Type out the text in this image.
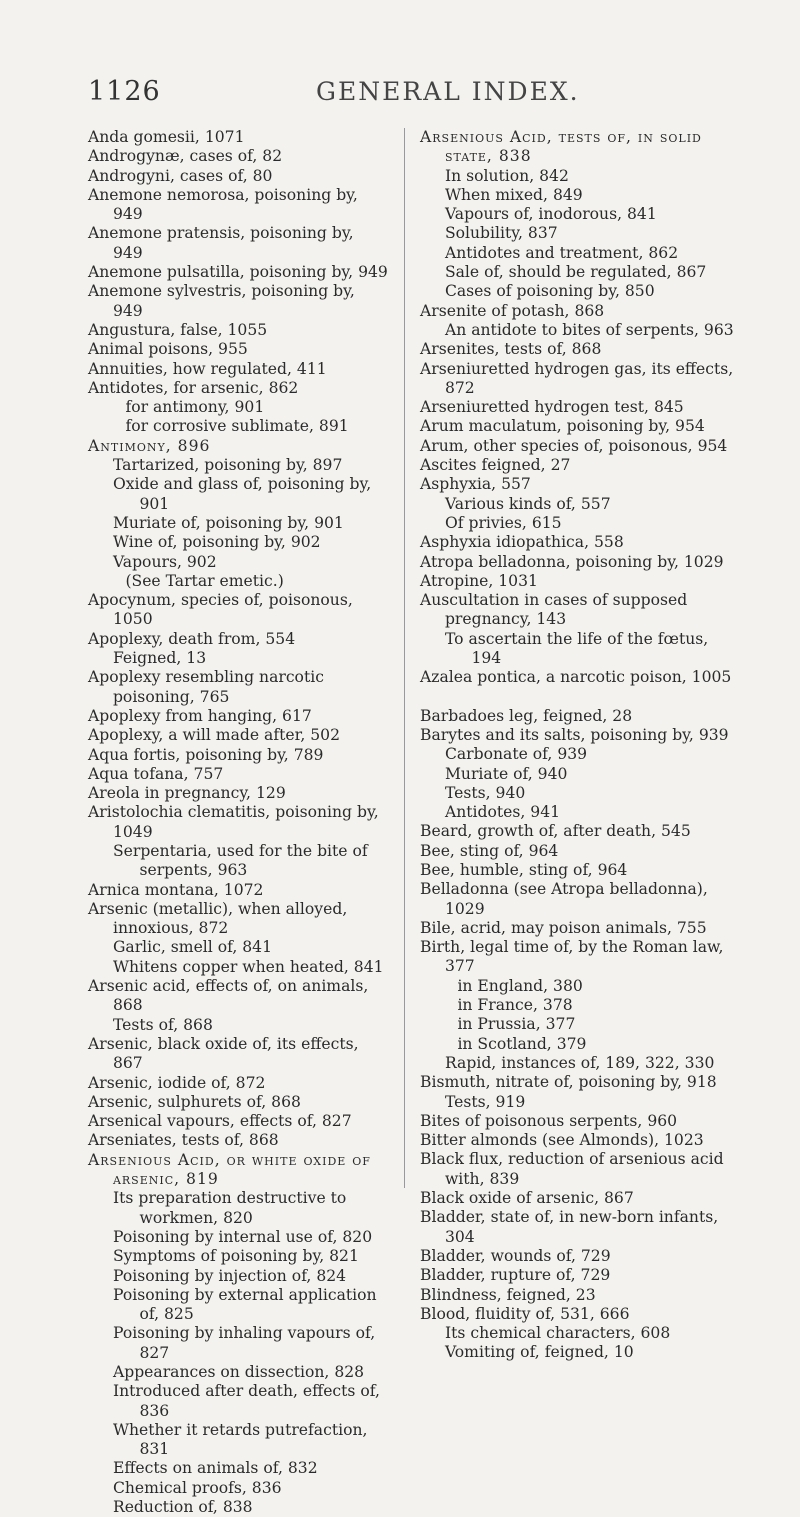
1126	GENERAL INDEX.
Anda gomesii, 1071
Androgynæ, cases of, 82
Androgyni, cases of, 80
Anemone nemorosa, poisoning by, 949
Anemone pratensis, poisoning by, 949
Anemone pulsatilla, poisoning by, 949
Anemone sylvestris, poisoning by, 949
Angustura, false, 1055
Animal poisons, 955
Annuities, how regulated, 411
Antidotes, for arsenic, 862
for antimony, 901
for corrosive sublimate, 891
Antimony, 896
Tartarized, poisoning by, 897
Oxide and glass of, poisoning by, 901
Muriate of, poisoning by, 901
Wine of, poisoning by, 902
Vapours, 902
(See Tartar emetic.)
Apocynum, species of, poisonous, 1050
Apoplexy, death from, 554
Feigned, 13
Apoplexy resembling narcotic poisoning, 765
Apoplexy from hanging, 617
Apoplexy, a will made after, 502
Aqua fortis, poisoning by, 789
Aqua tofana, 757
Areola in pregnancy, 129
Aristolochia clematitis, poisoning by, 1049
Serpentaria, used for the bite of serpents, 963
Arnica montana, 1072
Arsenic (metallic), when alloyed, innoxious, 872
Garlic, smell of, 841
Whitens copper when heated, 841
Arsenic acid, effects of, on animals, 868
Tests of, 868
Arsenic, black oxide of, its effects, 867
Arsenic, iodide of, 872
Arsenic, sulphurets of, 868
Arsenical vapours, effects of, 827
Arseniates, tests of, 868
Arsenious Acid, or white oxide of arsenic, 819
Its preparation destructive to workmen, 820
Poisoning by internal use of, 820
Symptoms of poisoning by, 821
Poisoning by injection of, 824
Poisoning by external application of, 825
Poisoning by inhaling vapours of, 827
Appearances on dissection, 828
Introduced after death, effects of, 836
Whether it retards putrefaction, 831
Effects on animals of, 832
Chemical proofs, 836
Reduction of, 838
Arsenious Acid, tests of, in solid state, 838
In solution, 842
When mixed, 849
Vapours of, inodorous, 841
Solubility, 837
Antidotes and treatment, 862
Sale of, should be regulated, 867
Cases of poisoning by, 850
Arsenite of potash, 868
An antidote to bites of serpents, 963
Arsenites, tests of, 868
Arseniuretted hydrogen gas, its effects, 872
Arseniuretted hydrogen test, 845
Arum maculatum, poisoning by, 954
Arum, other species of, poisonous, 954
Ascites feigned, 27
Asphyxia, 557
Various kinds of, 557
Of privies, 615
Asphyxia idiopathica, 558
Atropa belladonna, poisoning by, 1029
Atropine, 1031
Auscultation in cases of supposed pregnancy, 143
To ascertain the life of the fœtus, 194
Azalea pontica, a narcotic poison, 1005
Barbadoes leg, feigned, 28
Barytes and its salts, poisoning by, 939
Carbonate of, 939
Muriate of, 940
Tests, 940
Antidotes, 941
Beard, growth of, after death, 545
Bee, sting of, 964
Bee, humble, sting of, 964
Belladonna (see Atropa belladonna), 1029
Bile, acrid, may poison animals, 755
Birth, legal time of, by the Roman law, 377
in England, 380
in France, 378
in Prussia, 377
in Scotland, 379
Rapid, instances of, 189, 322, 330
Bismuth, nitrate of, poisoning by, 918
Tests, 919
Bites of poisonous serpents, 960
Bitter almonds (see Almonds), 1023
Black flux, reduction of arsenious acid with, 839
Black oxide of arsenic, 867
Bladder, state of, in new-born infants, 304
Bladder, wounds of, 729
Bladder, rupture of, 729
Blindness, feigned, 23
Blood, fluidity of, 531, 666
Its chemical characters, 608
Vomiting of, feigned, 10
